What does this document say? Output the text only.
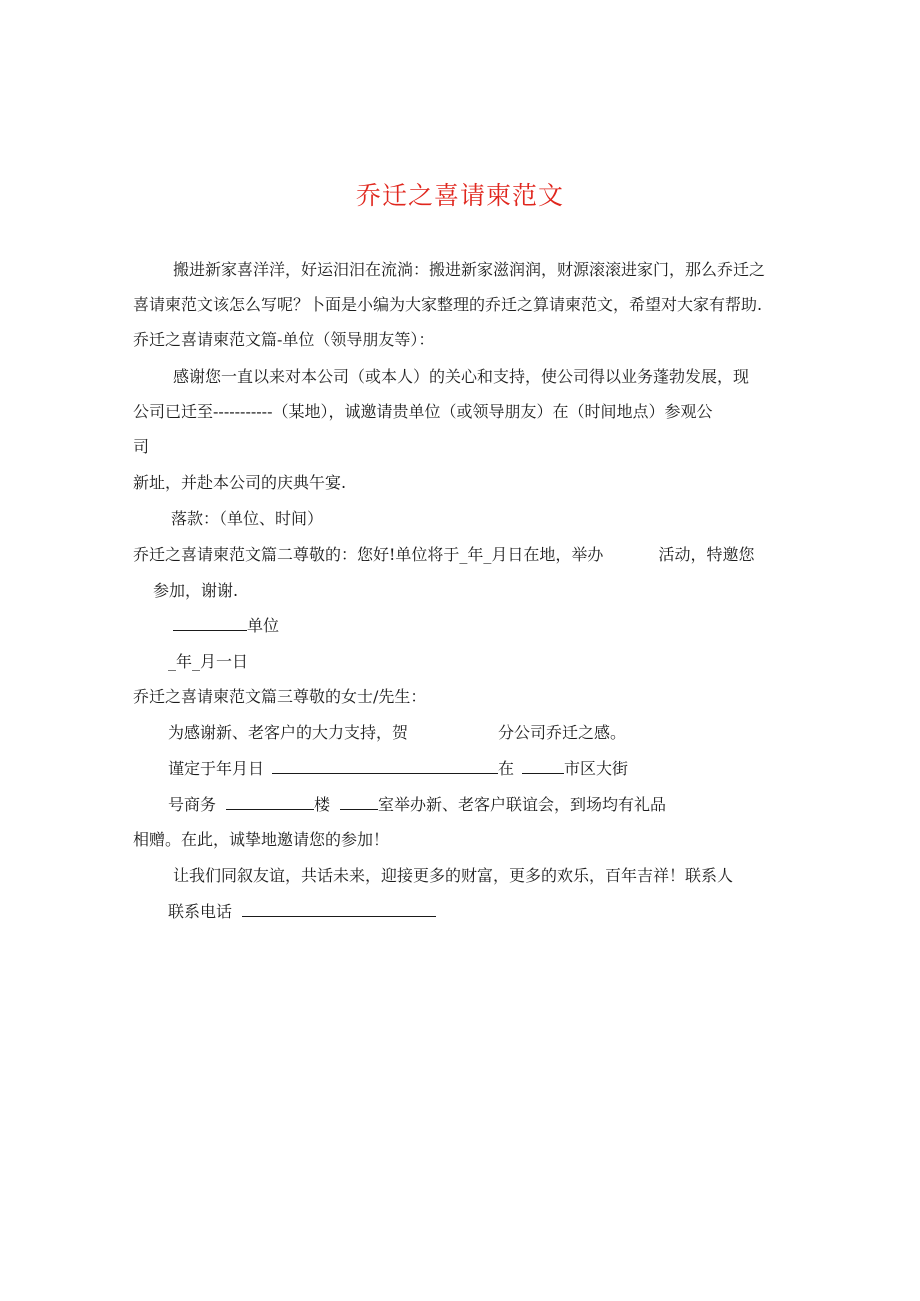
乔迁之喜请柬范文
搬进新家喜洋洋，好运汨汨在流淌：搬进新家滋润润，财源滚滚进家门，那么乔迁之
喜请柬范文该怎么写呢？卜面是小编为大家整理的乔迁之算请柬范文，希望对大家有帮助.
乔迁之喜请柬范文篇-单位（领导朋友等）：
感谢您一直以来对本公司（或本人）的关心和支持，使公司得以业务蓬勃发展，现
公司已迁至-----------（某地），诚邀请贵单位（或领导朋友）在（时间地点）参观公
司
新址，并赴本公司的庆典午宴.
落款：（单位、时间）
乔迁之喜请柬范文篇二尊敬的：您好!单位将于_年_月日在地，举办	活动，特邀您
参加，谢谢.
单位
_年_月一日
乔迁之喜请柬范文篇三尊敬的女士/先生：
为感谢新、老客户的大力支持，贺	分公司乔迁之感。
谨定于年月日	在	市区大街
号商务	楼	室举办新、老客户联谊会，到场均有礼品
相赠。在此，诚挚地邀请您的参加！
让我们同叙友谊，共话未来，迎接更多的财富，更多的欢乐，百年吉祥！联系人
联系电话
